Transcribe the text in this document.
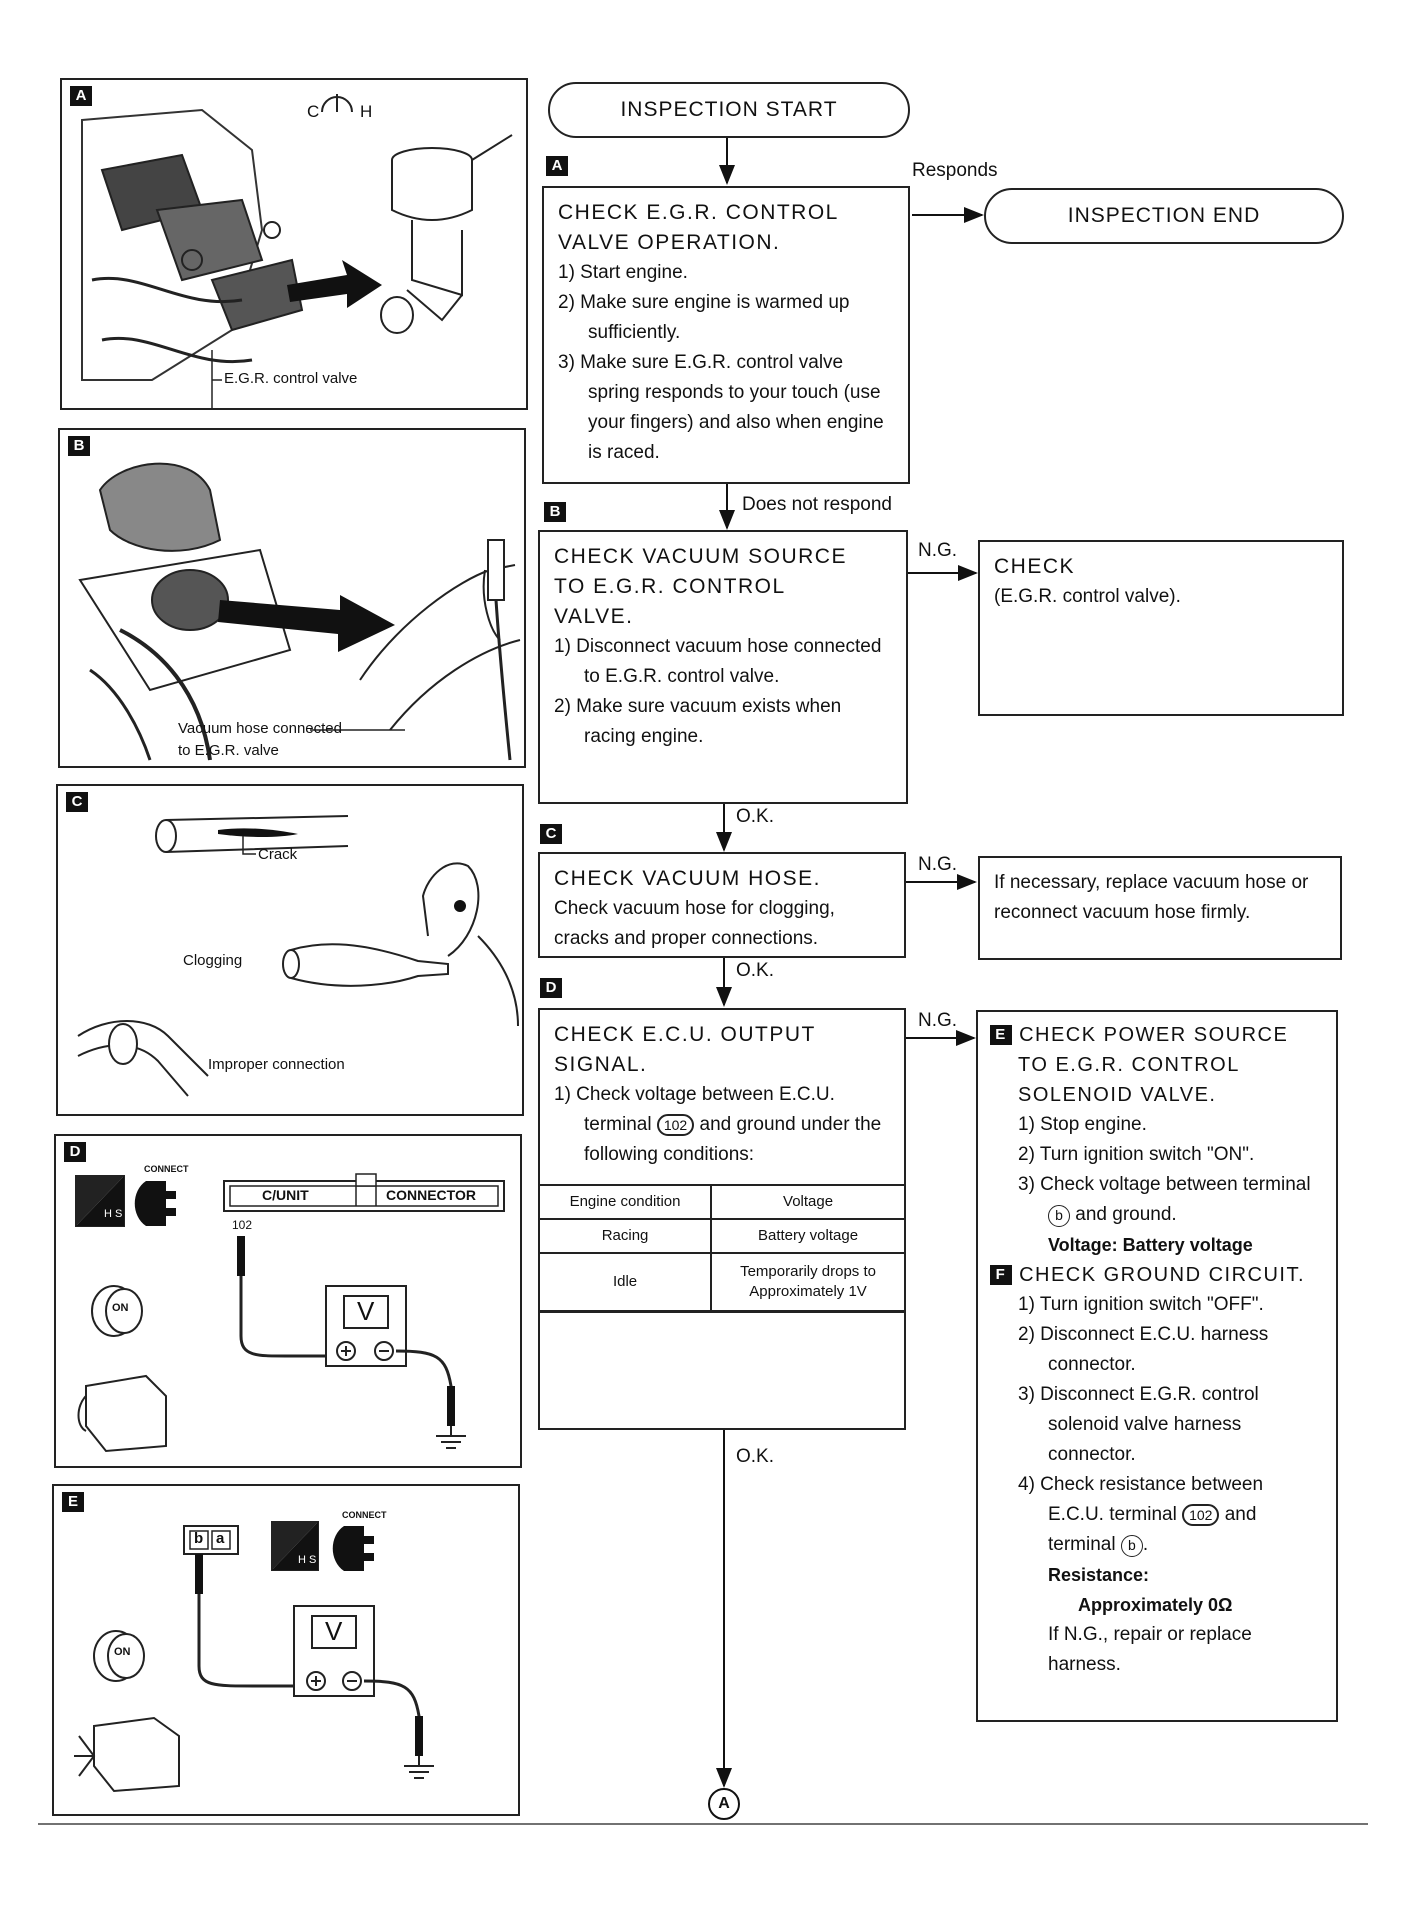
A
C H
E.G.R. control valve
B
Vacuum hose connected
to E.G.R. valve
C
Crack
Clogging
Improper connection
D
CONNECT
H S
C/UNIT	CONNECTOR
102
V
ON
E
b a
CONNECT
H S
V
ON
INSPECTION START
A	Responds
INSPECTION END
CHECK E.G.R. CONTROL
VALVE OPERATION.
1) Start engine.
2) Make sure engine is warmed up sufficiently.
3) Make sure E.G.R. control valve spring responds to your touch (use your fingers) and also when engine is raced.
Does not respond
B
CHECK VACUUM SOURCE
TO E.G.R. CONTROL
VALVE.
1) Disconnect vacuum hose connected to E.G.R. control valve.
2) Make sure vacuum exists when racing engine.
N.G.
CHECK
(E.G.R. control valve).
O.K.
C
CHECK VACUUM HOSE.
Check vacuum hose for clogging, cracks and proper connections.
N.G.
If necessary, replace vacuum hose or reconnect vacuum hose firmly.
O.K.
D
CHECK E.C.U. OUTPUT
SIGNAL.
1) Check voltage between E.C.U. terminal 102 and ground under the following conditions:
Engine condition	Voltage
Racing	Battery voltage
Idle	Temporarily drops to Approximately 1V
N.G.
E CHECK POWER SOURCE
TO E.G.R. CONTROL
SOLENOID VALVE.
1) Stop engine.
2) Turn ignition switch "ON".
3) Check voltage between terminal b and ground.
Voltage: Battery voltage
F CHECK GROUND CIRCUIT.
1) Turn ignition switch "OFF".
2) Disconnect E.C.U. harness connector.
3) Disconnect E.G.R. control solenoid valve harness connector.
4) Check resistance between E.C.U. terminal 102 and terminal b .
Resistance:
Approximately 0Ω
If N.G., repair or replace harness.
O.K.
A
